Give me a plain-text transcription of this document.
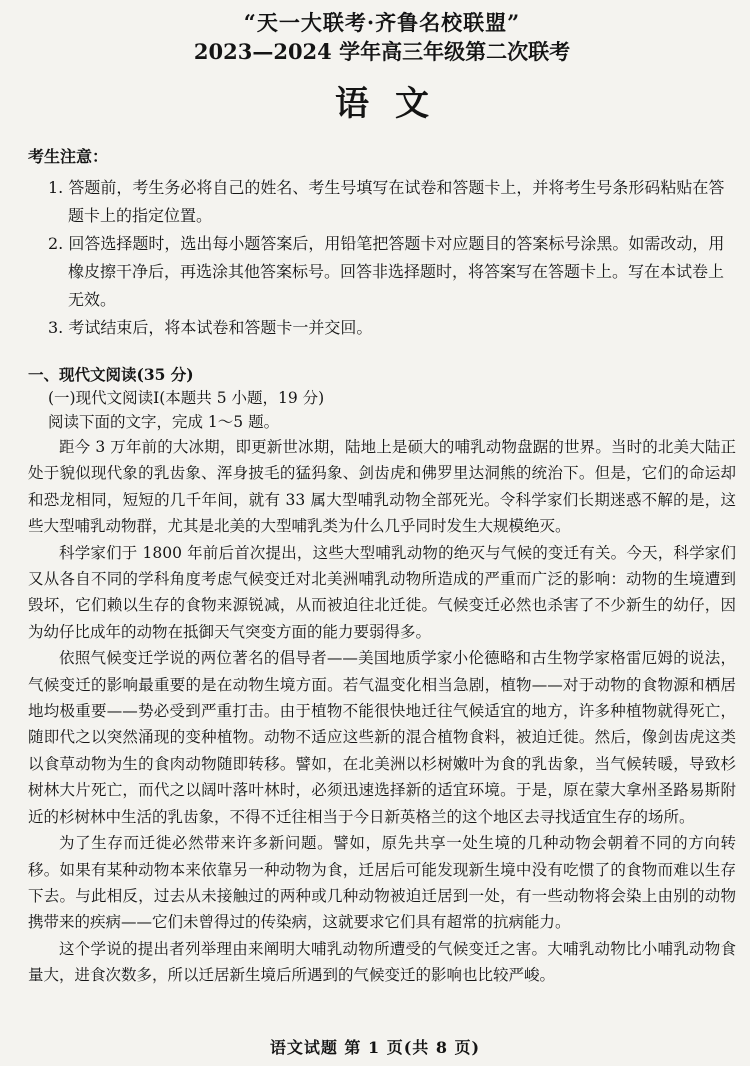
“天一大联考·齐鲁名校联盟”

2023—2024 学年高三年级第二次联考

语文

考生注意：

1. 答题前，考生务必将自己的姓名、考生号填写在试卷和答题卡上，并将考生号条形码粘贴在答题卡上的指定位置。
2. 回答选择题时，选出每小题答案后，用铅笔把答题卡对应题目的答案标号涂黑。如需改动，用橡皮擦干净后，再选涂其他答案标号。回答非选择题时，将答案写在答题卡上。写在本试卷上无效。
3. 考试结束后，将本试卷和答题卡一并交回。

一、现代文阅读(35 分)

(一)现代文阅读Ⅰ(本题共 5 小题，19 分)

阅读下面的文字，完成 1～5 题。

距今 3 万年前的大冰期，即更新世冰期，陆地上是硕大的哺乳动物盘踞的世界。当时的北美大陆正处于貌似现代象的乳齿象、浑身披毛的猛犸象、剑齿虎和佛罗里达洞熊的统治下。但是，它们的命运却和恐龙相同，短短的几千年间，就有 33 属大型哺乳动物全部死光。令科学家们长期迷惑不解的是，这些大型哺乳动物群，尤其是北美的大型哺乳类为什么几乎同时发生大规模绝灭。

科学家们于 1800 年前后首次提出，这些大型哺乳动物的绝灭与气候的变迁有关。今天，科学家们又从各自不同的学科角度考虑气候变迁对北美洲哺乳动物所造成的严重而广泛的影响：动物的生境遭到毁坏，它们赖以生存的食物来源锐减，从而被迫往北迁徙。气候变迁必然也杀害了不少新生的幼仔，因为幼仔比成年的动物在抵御天气突变方面的能力要弱得多。

依照气候变迁学说的两位著名的倡导者——美国地质学家小伦德略和古生物学家格雷厄姆的说法，气候变迁的影响最重要的是在动物生境方面。若气温变化相当急剧，植物——对于动物的食物源和栖居地均极重要——势必受到严重打击。由于植物不能很快地迁往气候适宜的地方，许多种植物就得死亡，随即代之以突然涌现的变种植物。动物不适应这些新的混合植物食料，被迫迁徙。然后，像剑齿虎这类以食草动物为生的食肉动物随即转移。譬如，在北美洲以杉树嫩叶为食的乳齿象，当气候转暖，导致杉树林大片死亡，而代之以阔叶落叶林时，必须迅速选择新的适宜环境。于是，原在蒙大拿州圣路易斯附近的杉树林中生活的乳齿象，不得不迁往相当于今日新英格兰的这个地区去寻找适宜生存的场所。

为了生存而迁徙必然带来许多新问题。譬如，原先共享一处生境的几种动物会朝着不同的方向转移。如果有某种动物本来依靠另一种动物为食，迁居后可能发现新生境中没有吃惯了的食物而难以生存下去。与此相反，过去从未接触过的两种或几种动物被迫迁居到一处，有一些动物将会染上由别的动物携带来的疾病——它们未曾得过的传染病，这就要求它们具有超常的抗病能力。

这个学说的提出者列举理由来阐明大哺乳动物所遭受的气候变迁之害。大哺乳动物比小哺乳动物食量大，进食次数多，所以迁居新生境后所遇到的气候变迁的影响也比较严峻。

语文试题 第 1 页(共 8 页)
